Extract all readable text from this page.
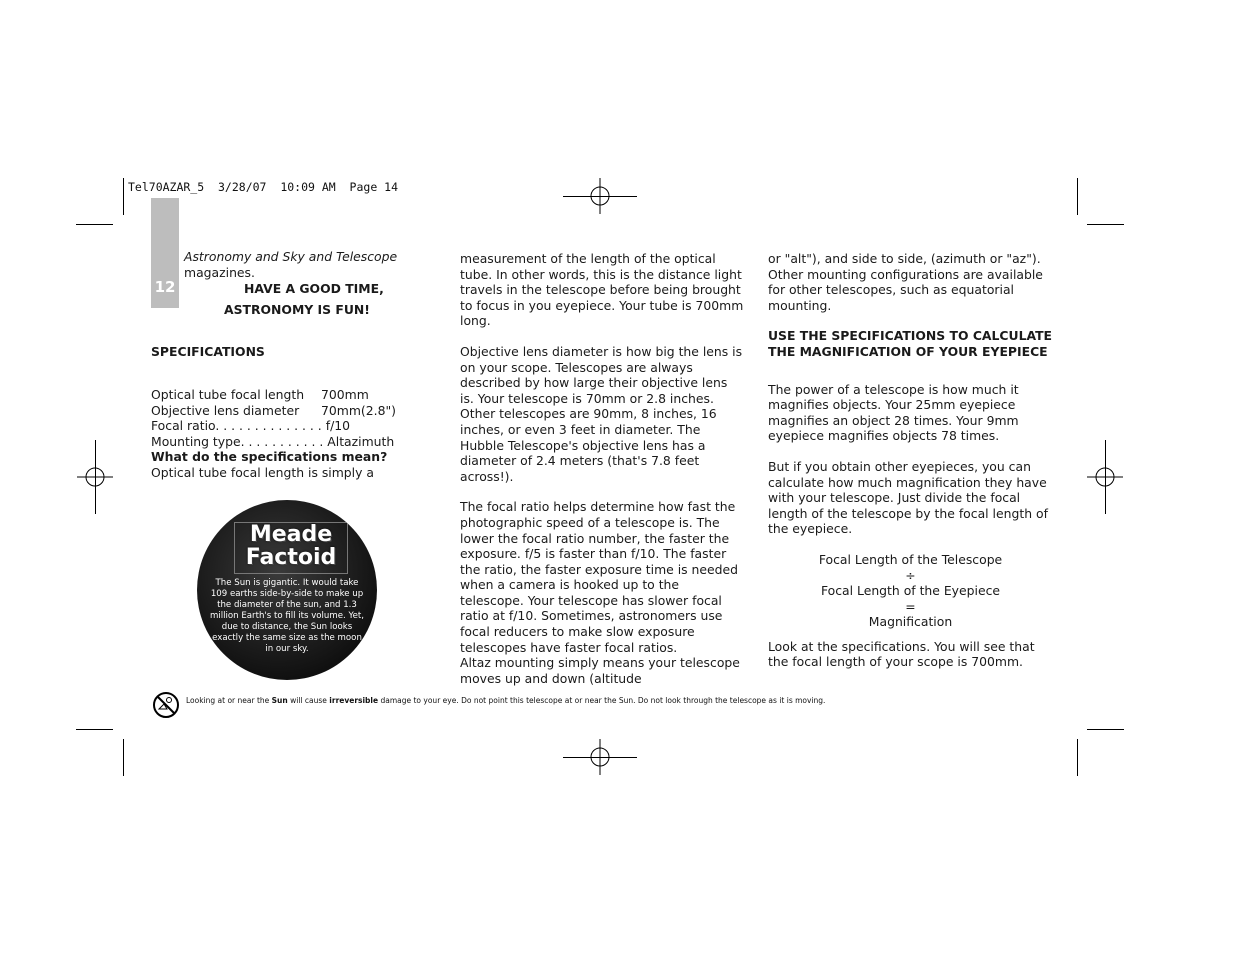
Tel70AZAR_5  3/28/07  10:09 AM  Page 14
12

Astronomy and Sky and Telescope
magazines.

HAVE A GOOD TIME,

ASTRONOMY IS FUN!

SPECIFICATIONS

Optical tube focal length	700mm
Objective lens diameter	70mm(2.8")
Focal ratio. . . . . . . . . . . . . .
f/10
Mounting type. . . . . . . . . . .
Altazimuth

What do the specifications mean?

Optical tube focal length is simply a

Meade
Factoid
The Sun is gigantic. It would take 109 earths side-by-side to make up the diameter of the sun, and 1.3 million Earth's to fill its volume. Yet, due to distance, the Sun looks exactly the same size as the moon in our sky.

measurement of the length of the optical tube. In other words, this is the distance light travels in the telescope before being brought to focus in you eyepiece. Your tube is 700mm long.

Objective lens diameter is how big the lens is on your scope. Telescopes are always described by how large their objective lens is. Your telescope is 70mm or 2.8 inches. Other telescopes are 90mm, 8 inches, 16 inches, or even 3 feet in diameter. The Hubble Telescope's objective lens has a diameter of 2.4 meters (that's 7.8 feet across!).

The focal ratio helps determine how fast the photographic speed of a telescope is. The lower the focal ratio number, the faster the exposure. f/5 is faster than f/10. The faster the ratio, the faster exposure time is needed when a camera is hooked up to the telescope. Your telescope has slower focal ratio at f/10. Sometimes, astronomers use focal reducers to make slow exposure telescopes have faster focal ratios.

Altaz mounting simply means your telescope moves up and down (altitude

or "alt"), and side to side, (azimuth or "az"). Other mounting configurations are available for other telescopes, such as equatorial mounting.

USE THE SPECIFICATIONS TO CALCULATE THE MAGNIFICATION OF YOUR EYEPIECE

The power of a telescope is how much it magnifies objects. Your 25mm eyepiece magnifies an object 28 times. Your 9mm eyepiece magnifies objects 78 times.

But if you obtain other eyepieces, you can calculate how much magnification they have with your telescope. Just divide the focal length of the telescope by the focal length of the eyepiece.

Focal Length of the Telescope

÷

Focal Length of the Eyepiece

=

Magnification

Look at the specifications. You will see that the focal length of your scope is 700mm.

Looking at or near the Sun will cause irreversible damage to your eye. Do not point this telescope at or near the Sun. Do not look through the telescope as it is moving.
